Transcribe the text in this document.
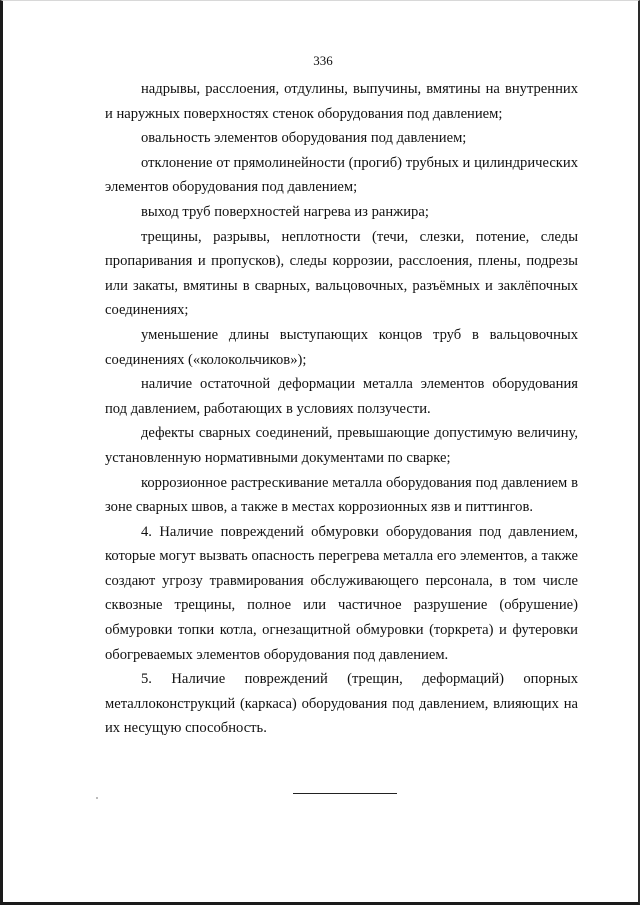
336

надрывы, расслоения, отдулины, выпучины, вмятины на внутренних и наружных поверхностях стенок оборудования под давлением;

овальность элементов оборудования под давлением;

отклонение от прямолинейности (прогиб) трубных и цилиндрических элементов оборудования под давлением;

выход труб поверхностей нагрева из ранжира;

трещины, разрывы, неплотности (течи, слезки, потение, следы пропаривания и пропусков), следы коррозии, расслоения, плены, подрезы или закаты, вмятины в сварных, вальцовочных, разъёмных и заклёпочных соединениях;

уменьшение длины выступающих концов труб в вальцовочных соединениях («колокольчиков»);

наличие остаточной деформации металла элементов оборудования под давлением, работающих в условиях ползучести.

дефекты сварных соединений, превышающие допустимую величину, установленную нормативными документами по сварке;

коррозионное растрескивание металла оборудования под давлением в зоне сварных швов, а также в местах коррозионных язв и питтингов.

4. Наличие повреждений обмуровки оборудования под давлением, которые могут вызвать опасность перегрева металла его элементов, а также создают угрозу травмирования обслуживающего персонала, в том числе сквозные трещины, полное или частичное разрушение (обрушение) обмуровки топки котла, огнезащитной обмуровки (торкрета) и футеровки обогреваемых элементов оборудования под давлением.

5. Наличие повреждений (трещин, деформаций) опорных металлоконструкций (каркаса) оборудования под давлением, влияющих на их несущую способность.
